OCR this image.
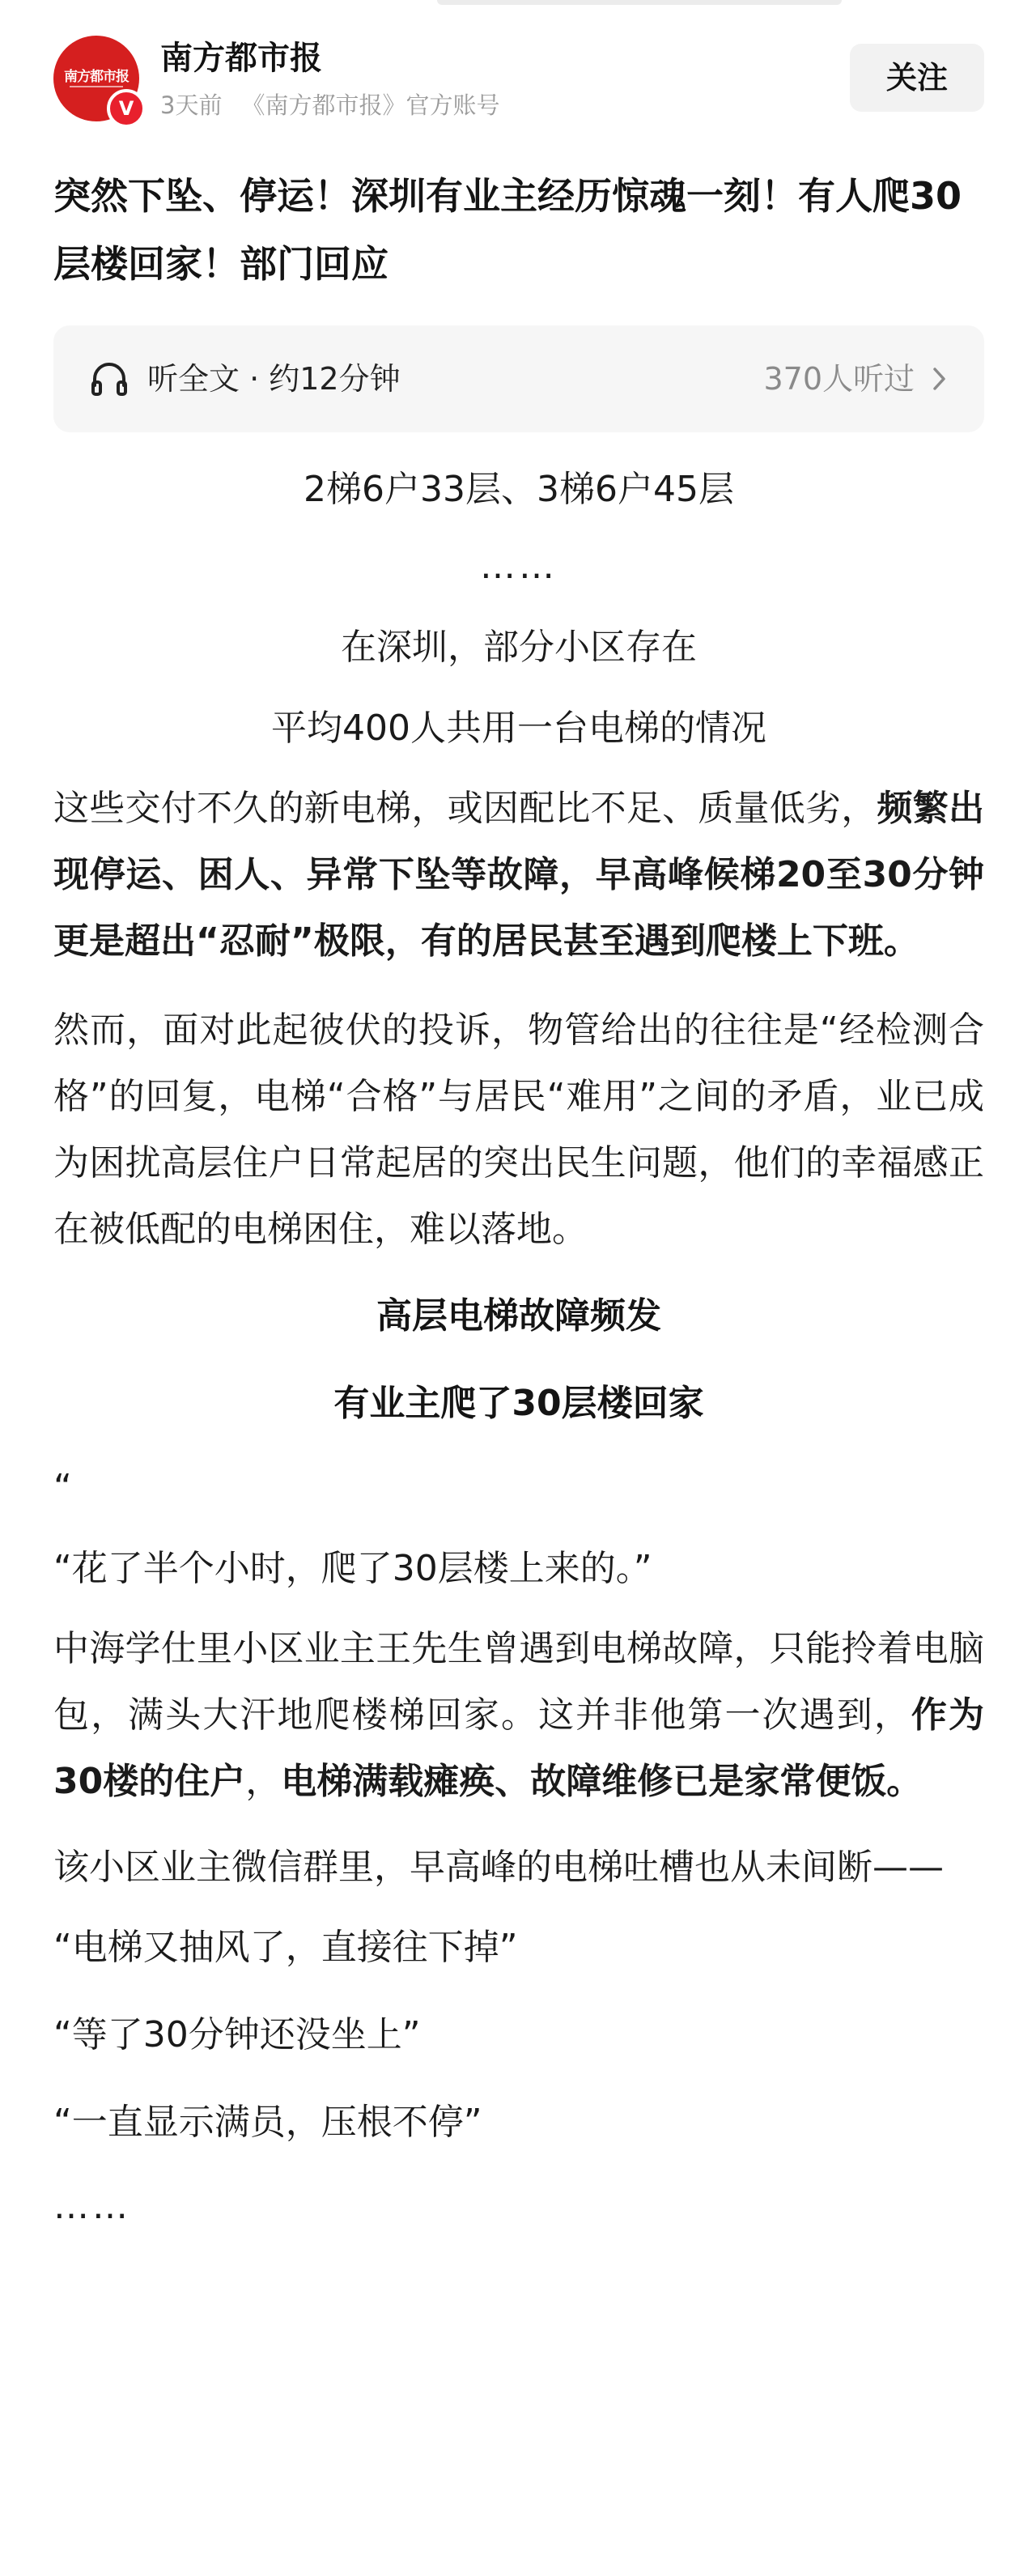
南方都市报
V
南方都市报
3天前 《南方都市报》官方账号
关注
突然下坠、停运！深圳有业主经历惊魂一刻！有人爬30层楼回家！部门回应
听全文 · 约12分钟	370人听过
2梯6户33层、3梯6户45层
……
在深圳，部分小区存在
平均400人共用一台电梯的情况
这些交付不久的新电梯，或因配比不足、质量低劣，频繁出现停运、困人、异常下坠等故障，早高峰候梯20至30分钟更是超出“忍耐”极限，有的居民甚至遇到爬楼上下班。
然而，面对此起彼伏的投诉，物管给出的往往是“经检测合格”的回复，电梯“合格”与居民“难用”之间的矛盾，业已成为困扰高层住户日常起居的突出民生问题，他们的幸福感正在被低配的电梯困住，难以落地。
高层电梯故障频发
有业主爬了30层楼回家
“
“花了半个小时，爬了30层楼上来的。”
中海学仕里小区业主王先生曾遇到电梯故障，只能拎着电脑包，满头大汗地爬楼梯回家。这并非他第一次遇到，作为30楼的住户，电梯满载瘫痪、故障维修已是家常便饭。
该小区业主微信群里，早高峰的电梯吐槽也从未间断——
“电梯又抽风了，直接往下掉”
“等了30分钟还没坐上”
“一直显示满员，压根不停”
……
